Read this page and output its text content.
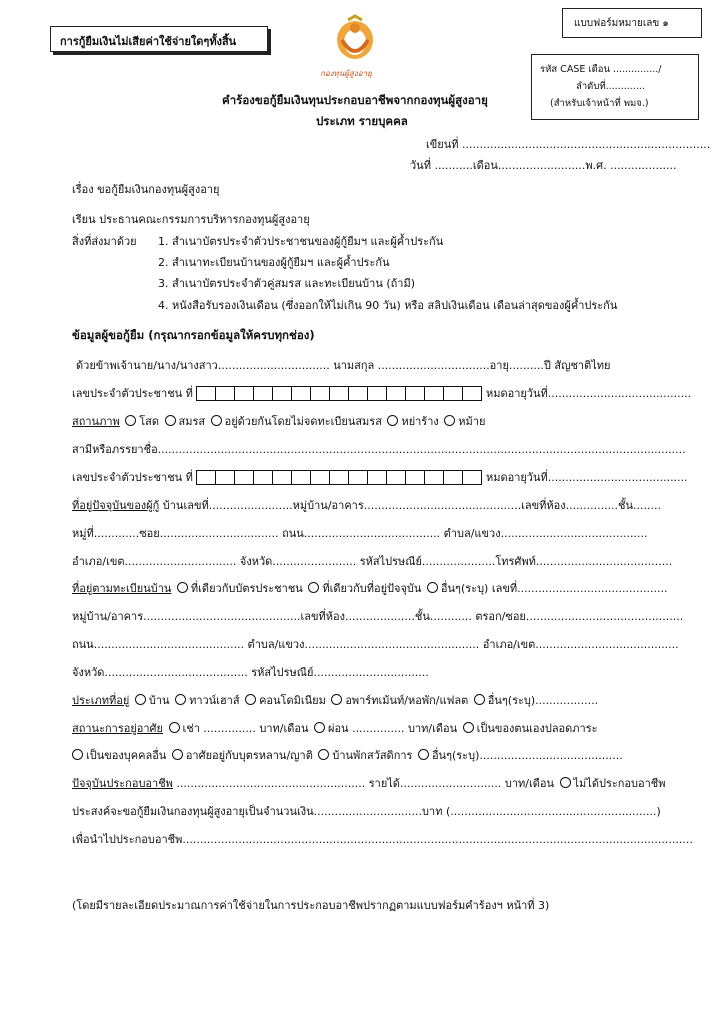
แบบฟอร์มหมายเลข ๑
การกู้ยืมเงินไม่เสียค่าใช้จ่ายใดๆทั้งสิ้น
กองทุนผู้สูงอายุ	รหัส CASE เดือน .............../
ลำดับที่.............
(สำหรับเจ้าหน้าที่ พมจ.)
คำร้องขอกู้ยืมเงินทุนประกอบอาชีพจากกองทุนผู้สูงอายุ
ประเภท รายบุคคล
เขียนที่ .......................................................................
วันที่ ...........เดือน.........................พ.ศ. ...................
เรื่อง ขอกู้ยืมเงินกองทุนผู้สูงอายุ
เรียน ประธานคณะกรรมการบริหารกองทุนผู้สูงอายุ
สิ่งที่ส่งมาด้วย 1. สำเนาบัตรประจำตัวประชาชนของผู้กู้ยืมฯ และผู้ค้ำประกัน
2. สำเนาทะเบียนบ้านของผู้กู้ยืมฯ และผู้ค้ำประกัน
3. สำเนาบัตรประจำตัวคู่สมรส และทะเบียนบ้าน (ถ้ามี)
4. หนังสือรับรองเงินเดือน (ซึ่งออกให้ไม่เกิน 90 วัน) หรือ สลิปเงินเดือน เดือนล่าสุดของผู้ค้ำประกัน
ข้อมูลผู้ขอกู้ยืม (กรุณากรอกข้อมูลให้ครบทุกช่อง)
ด้วยข้าพเจ้านาย/นาง/นางสาว................................ นามสกุล ................................อายุ..........ปี สัญชาติไทย
เลขประจำตัวประชาชน ที่	หมดอายุวันที่.........................................
สถานภาพ โสด สมรส อยู่ด้วยกันโดยไม่จดทะเบียนสมรส หย่าร้าง หม้าย
สามีหรือภรรยาชื่อ.......................................................................................................................................................
เลขประจำตัวประชาชน ที่	หมดอายุวันที่........................................
ที่อยู่ปัจจุบันของผู้กู้ บ้านเลขที่........................หมู่บ้าน/อาคาร.............................................เลขที่ห้อง...............ชั้น........
หมู่ที่.............ซอย.................................. ถนน....................................... ตำบล/แขวง..........................................
อำเภอ/เขต................................ จังหวัด........................ รหัสไปรษณีย์.....................โทรศัพท์.......................................
ที่อยู่ตามทะเบียนบ้าน ที่เดียวกับบัตรประชาชน ที่เดียวกับที่อยู่ปัจจุบัน อื่นๆ(ระบุ) เลขที่...........................................
หมู่บ้าน/อาคาร.............................................เลขที่ห้อง....................ชั้น............ ตรอก/ซอย.............................................
ถนน........................................... ตำบล/แขวง.................................................. อำเภอ/เขต.........................................
จังหวัด......................................... รหัสไปรษณีย์.................................
ประเภทที่อยู่ บ้าน ทาวน์เฮาส์ คอนโดมิเนียม อพาร์ทเม้นท์/หอพัก/แฟลต อื่นๆ(ระบุ)..................
สถานะการอยู่อาศัย เช่า ............... บาท/เดือน ผ่อน ............... บาท/เดือน เป็นของตนเองปลอดภาระ
เป็นของบุคคลอื่น อาศัยอยู่กับบุตรหลาน/ญาติ บ้านพักสวัสดิการ อื่นๆ(ระบุ).........................................
ปัจจุบันประกอบอาชีพ ...................................................... รายได้............................. บาท/เดือน ไม่ได้ประกอบอาชีพ
ประสงค์จะขอกู้ยืมเงินกองทุนผู้สูงอายุเป็นจำนวนเงิน...............................บาท (...........................................................)
เพื่อนำไปประกอบอาชีพ..................................................................................................................................................
(โดยมีรายละเอียดประมาณการค่าใช้จ่ายในการประกอบอาชีพปรากฏตามแบบฟอร์มคำร้องฯ หน้าที่ 3)
